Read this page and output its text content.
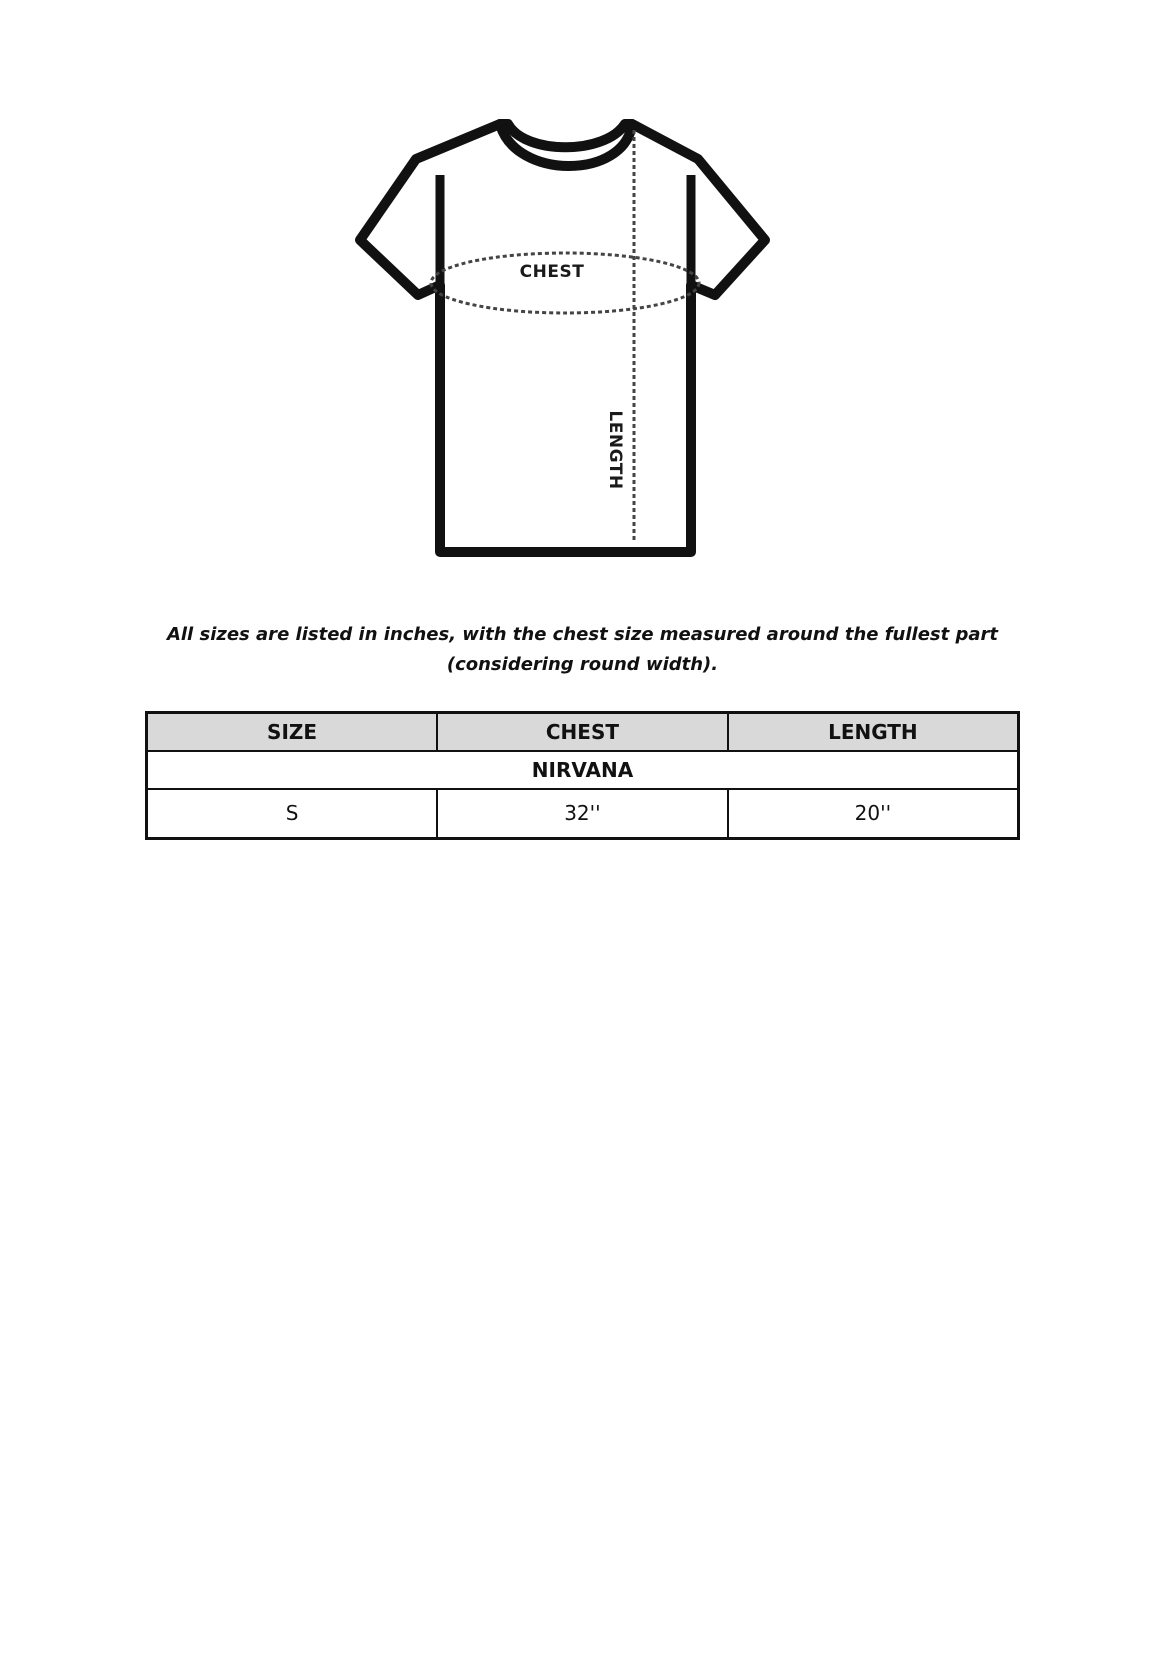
CHEST
LENGTH
All sizes are listed in inches, with the chest size measured around the fullest part
(considering round width).
SIZE	CHEST	LENGTH
NIRVANA		
S	32''	20''
